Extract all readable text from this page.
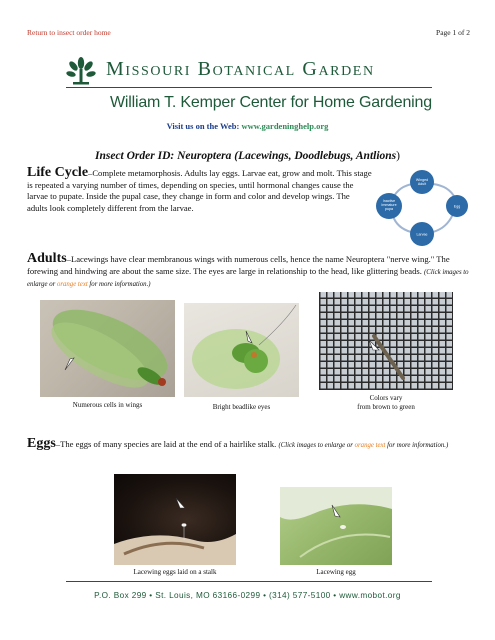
Return to insect order home	Page 1 of 2
Missouri Botanical Garden
William T. Kemper Center for Home Gardening
Visit us on the Web: www.gardeninghelp.org
Insect Order ID: Neuroptera (Lacewings, Doodlebugs, Antlions)
Life Cycle–Complete metamorphosis. Adults lay eggs. Larvae eat, grow and molt. This stage is repeated a varying number of times, depending on species, until hormonal changes cause the larvae to pupate. Inside the pupal case, they change in form and color and develop wings. The adults look completely different from the larvae.
Winged
Adult
Egg
Larvae
Inactive
Immature
pupa
Adults–Lacewings have clear membranous wings with numerous cells, hence the name Neuroptera "nerve wing." The forewing and hindwing are about the same size. The eyes are large in relationship to the head, like glittering beads. (Click images to enlarge or orange text for more information.)
Numerous cells in wings	Bright beadlike eyes
Colors vary
from brown to green
Eggs–The eggs of many species are laid at the end of a hairlike stalk. (Click images to enlarge or orange text for more information.)
Lacewing eggs laid on a stalk	Lacewing egg
P.O. Box 299 • St. Louis, MO 63166-0299 • (314) 577-5100 • www.mobot.org
